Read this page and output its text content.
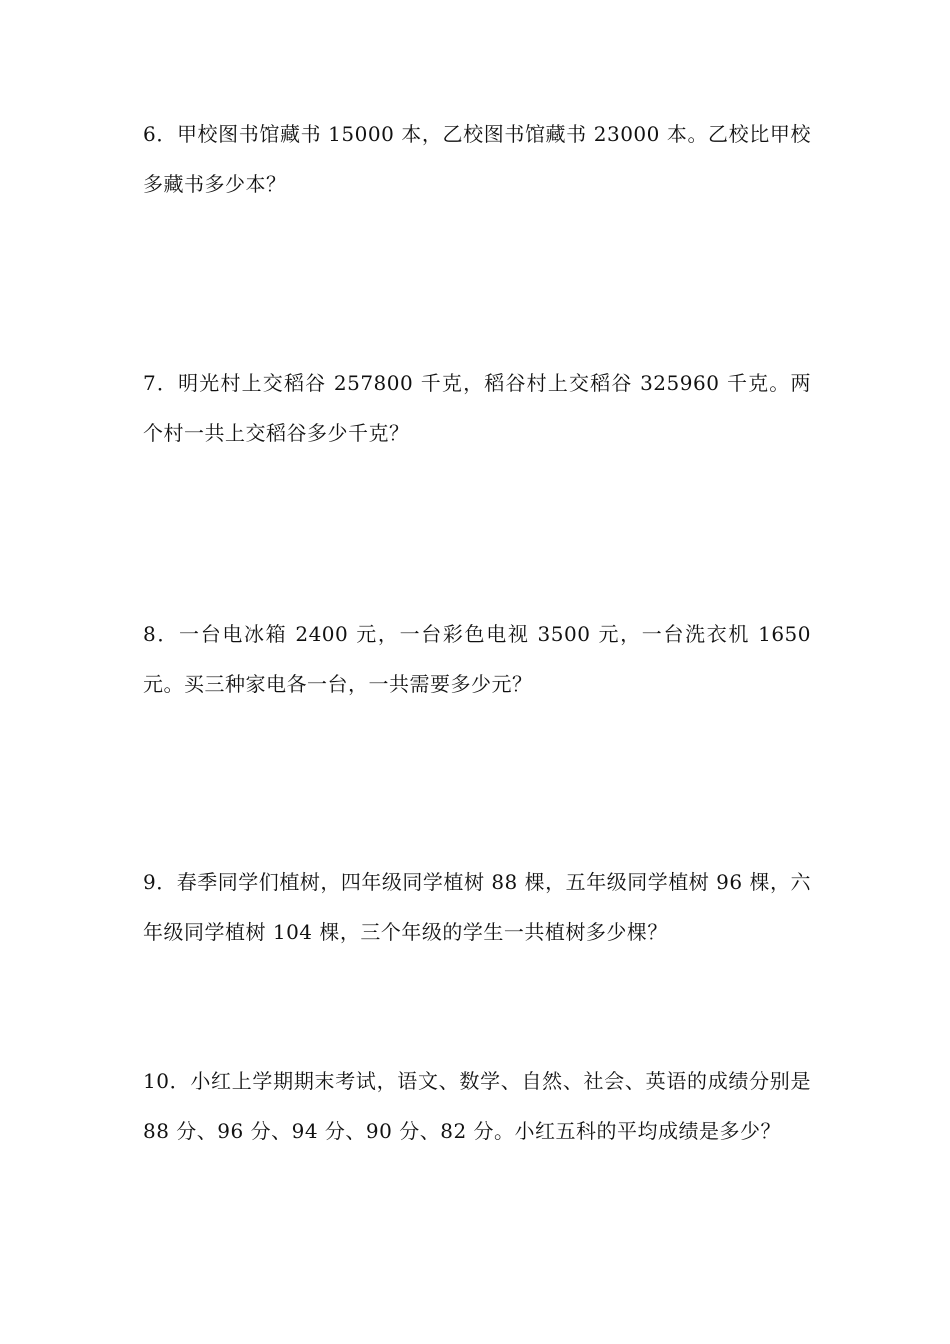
6．甲校图书馆藏书 15000 本，乙校图书馆藏书 23000 本。乙校比甲校多藏书多少本？

7．明光村上交稻谷 257800 千克，稻谷村上交稻谷 325960 千克。两个村一共上交稻谷多少千克？

8．一台电冰箱 2400 元，一台彩色电视 3500 元，一台洗衣机 1650 元。买三种家电各一台，一共需要多少元？

9．春季同学们植树，四年级同学植树 88 棵，五年级同学植树 96 棵，六年级同学植树 104 棵，三个年级的学生一共植树多少棵？

10．小红上学期期末考试，语文、数学、自然、社会、英语的成绩分别是 88 分、96 分、94 分、90 分、82 分。小红五科的平均成绩是多少？
